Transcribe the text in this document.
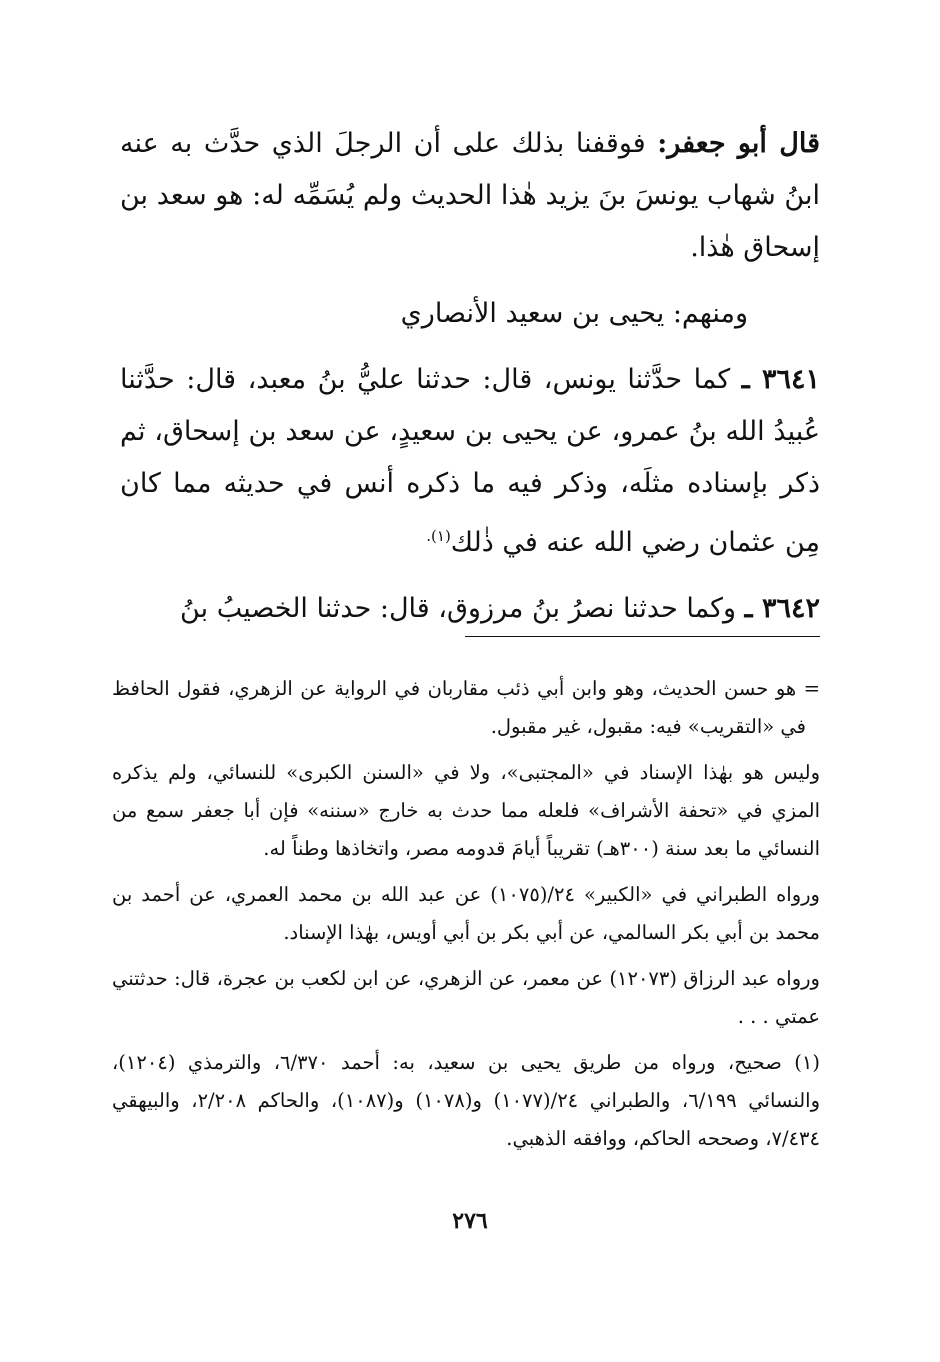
قال أبو جعفر: فوقفنا بذلك على أن الرجلَ الذي حدَّث به عنه ابنُ شهاب يونسَ بنَ يزيد هٰذا الحديث ولم يُسَمِّه له: هو سعد بن إسحاق هٰذا.

ومنهم: يحيى بن سعيد الأنصاري

٣٦٤١ ـ كما حدَّثنا يونس، قال: حدثنا عليُّ بنُ معبد، قال: حدَّثنا عُبيدُ الله بنُ عمرو، عن يحيى بن سعيدٍ، عن سعد بن إسحاق، ثم ذكر بإسناده مثلَه، وذكر فيه ما ذكره أنس في حديثه مما كان مِن عثمان رضي الله عنه في ذٰلك$^{(١).}$

٣٦٤٢ ـ وكما حدثنا نصرُ بنُ مرزوق، قال: حدثنا الخصيبُ بنُ

= هو حسن الحديث، وهو وابن أبي ذئب مقاربان في الرواية عن الزهري، فقول الحافظ في «التقريب» فيه: مقبول، غير مقبول.

وليس هو بهٰذا الإسناد في «المجتبى»، ولا في «السنن الكبرى» للنسائي، ولم يذكره المزي في «تحفة الأشراف» فلعله مما حدث به خارج «سننه» فإن أبا جعفر سمع من النسائي ما بعد سنة (٣٠٠هـ) تقريباً أيامَ قدومه مصر، واتخاذها وطناً له.

ورواه الطبراني في «الكبير» ٢٤/(١٠٧٥) عن عبد الله بن محمد العمري، عن أحمد بن محمد بن أبي بكر السالمي، عن أبي بكر بن أبي أويس، بهٰذا الإسناد.

ورواه عبد الرزاق (١٢٠٧٣) عن معمر، عن الزهري، عن ابن لكعب بن عجرة، قال: حدثتني عمتي . . .

(١) صحيح، ورواه من طريق يحيى بن سعيد، به: أحمد ٦/٣٧٠، والترمذي (١٢٠٤)، والنسائي ٦/١٩٩، والطبراني ٢٤/(١٠٧٧) و(١٠٧٨) و(١٠٨٧)، والحاكم ٢/٢٠٨، والبيهقي ٧/٤٣٤، وصححه الحاكم، ووافقه الذهبي.

٢٧٦
